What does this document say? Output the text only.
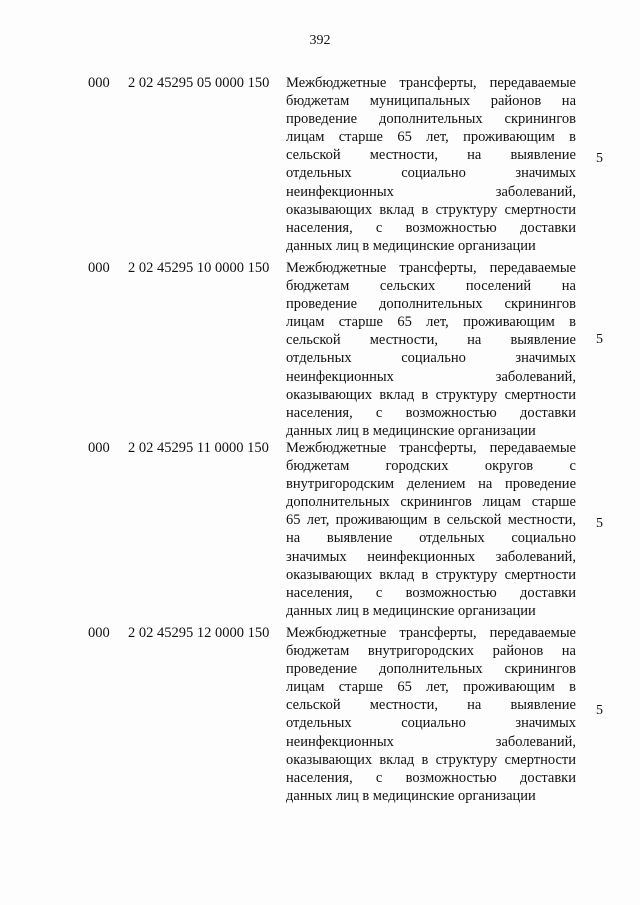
392
000 2 02 45295 05 0000 150 Межбюджетные трансферты, передаваемые
бюджетам муниципальных районов на
проведение дополнительных скринингов
лицам старше 65 лет, проживающим в
сельской местности, на выявление
отдельных социально значимых
неинфекционных заболеваний,
оказывающих вклад в структуру смертности
населения, с возможностью доставки
данных лиц в медицинские организации
5
000 2 02 45295 10 0000 150 Межбюджетные трансферты, передаваемые
бюджетам сельских поселений на
проведение дополнительных скринингов
лицам старше 65 лет, проживающим в
сельской местности, на выявление
отдельных социально значимых
неинфекционных заболеваний,
оказывающих вклад в структуру смертности
населения, с возможностью доставки
данных лиц в медицинские организации
5
000 2 02 45295 11 0000 150 Межбюджетные трансферты, передаваемые
бюджетам городских округов с
внутригородским делением на проведение
дополнительных скринингов лицам старше
65 лет, проживающим в сельской местности,
на выявление отдельных социально
значимых неинфекционных заболеваний,
оказывающих вклад в структуру смертности
населения, с возможностью доставки
данных лиц в медицинские организации
5
000 2 02 45295 12 0000 150 Межбюджетные трансферты, передаваемые
бюджетам внутригородских районов на
проведение дополнительных скринингов
лицам старше 65 лет, проживающим в
сельской местности, на выявление
отдельных социально значимых
заболеваний,
неинфекционных
оказывающих вклад в структуру смертности
населения, с возможностью доставки
данных лиц в медицинские организации
5
